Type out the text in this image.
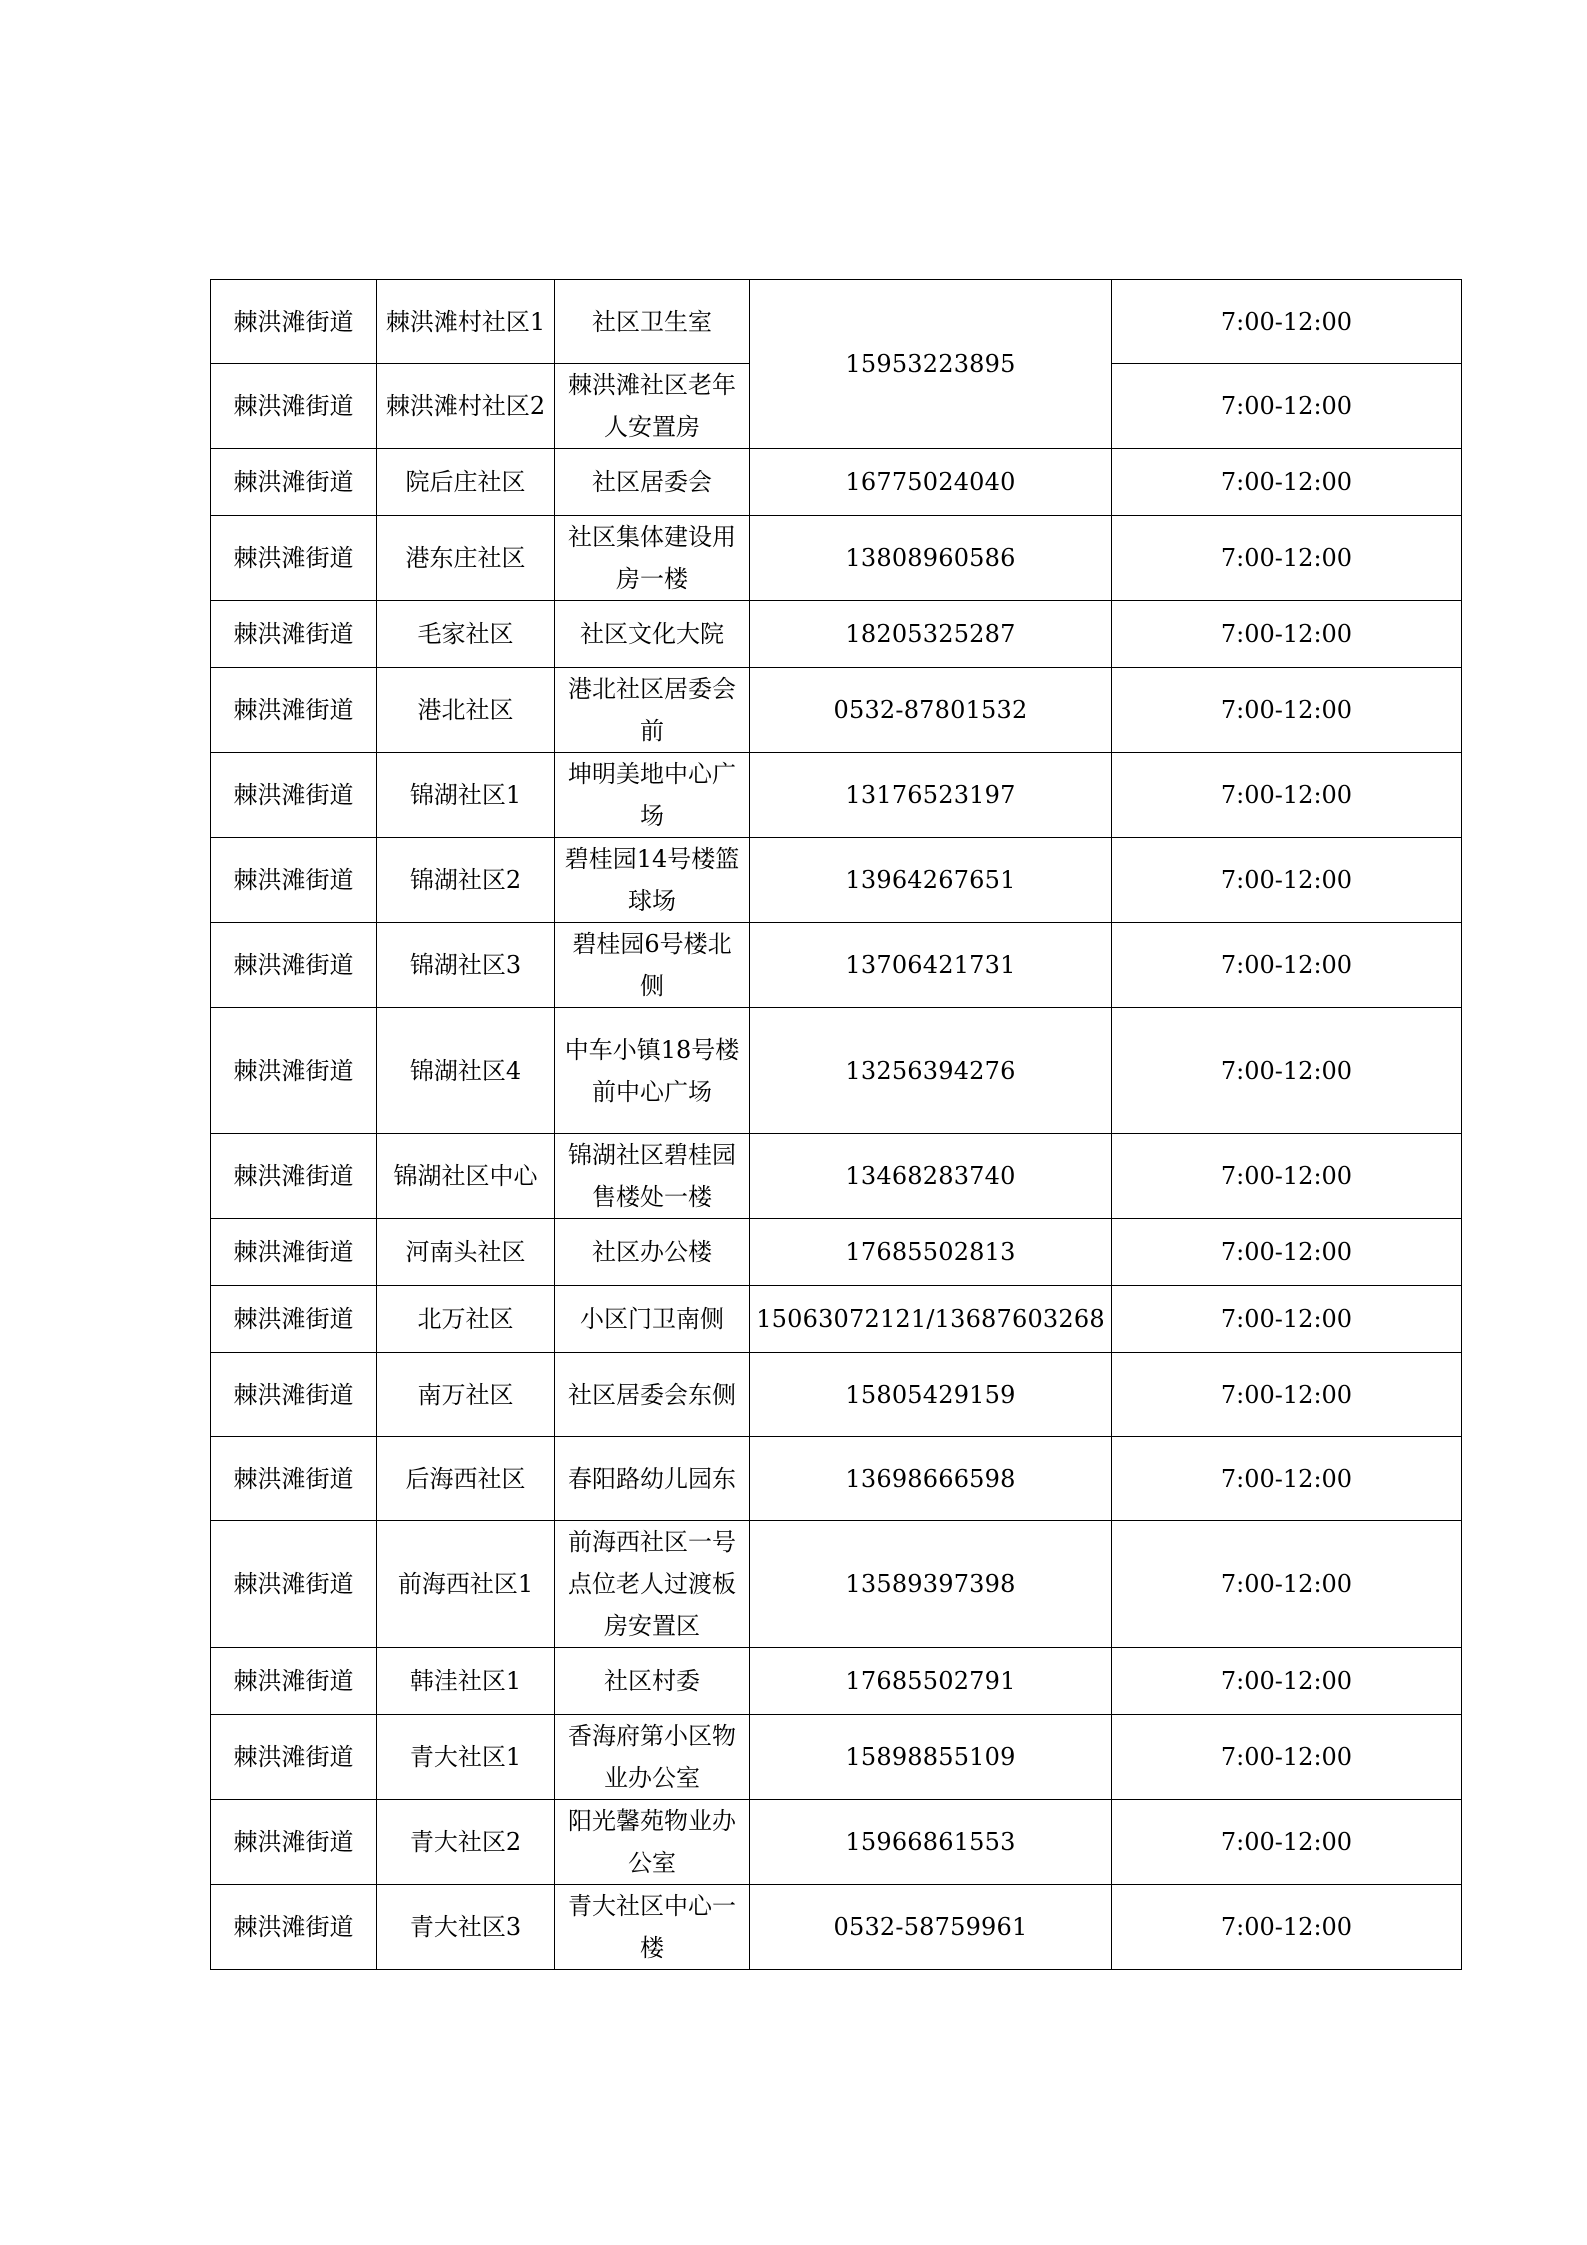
棘洪滩街道	棘洪滩村社区1	社区卫生室	15953223895	7:00-12:00
棘洪滩街道	棘洪滩村社区2	棘洪滩社区老年人安置房		7:00-12:00
棘洪滩街道	院后庄社区	社区居委会	16775024040	7:00-12:00
棘洪滩街道	港东庄社区	社区集体建设用房一楼	13808960586	7:00-12:00
棘洪滩街道	毛家社区	社区文化大院	18205325287	7:00-12:00
棘洪滩街道	港北社区	港北社区居委会前	0532-87801532	7:00-12:00
棘洪滩街道	锦湖社区1	坤明美地中心广场	13176523197	7:00-12:00
棘洪滩街道	锦湖社区2	碧桂园14号楼篮球场	13964267651	7:00-12:00
棘洪滩街道	锦湖社区3	碧桂园6号楼北侧	13706421731	7:00-12:00
棘洪滩街道	锦湖社区4	中车小镇18号楼前中心广场	13256394276	7:00-12:00
棘洪滩街道	锦湖社区中心	锦湖社区碧桂园售楼处一楼	13468283740	7:00-12:00
棘洪滩街道	河南头社区	社区办公楼	17685502813	7:00-12:00
棘洪滩街道	北万社区	小区门卫南侧	15063072121/13687603268	7:00-12:00
棘洪滩街道	南万社区	社区居委会东侧	15805429159	7:00-12:00
棘洪滩街道	后海西社区	春阳路幼儿园东	13698666598	7:00-12:00
棘洪滩街道	前海西社区1	前海西社区一号点位老人过渡板房安置区	13589397398	7:00-12:00
棘洪滩街道	韩洼社区1	社区村委	17685502791	7:00-12:00
棘洪滩街道	青大社区1	香海府第小区物业办公室	15898855109	7:00-12:00
棘洪滩街道	青大社区2	阳光馨苑物业办公室	15966861553	7:00-12:00
棘洪滩街道	青大社区3	青大社区中心一楼	0532-58759961	7:00-12:00
